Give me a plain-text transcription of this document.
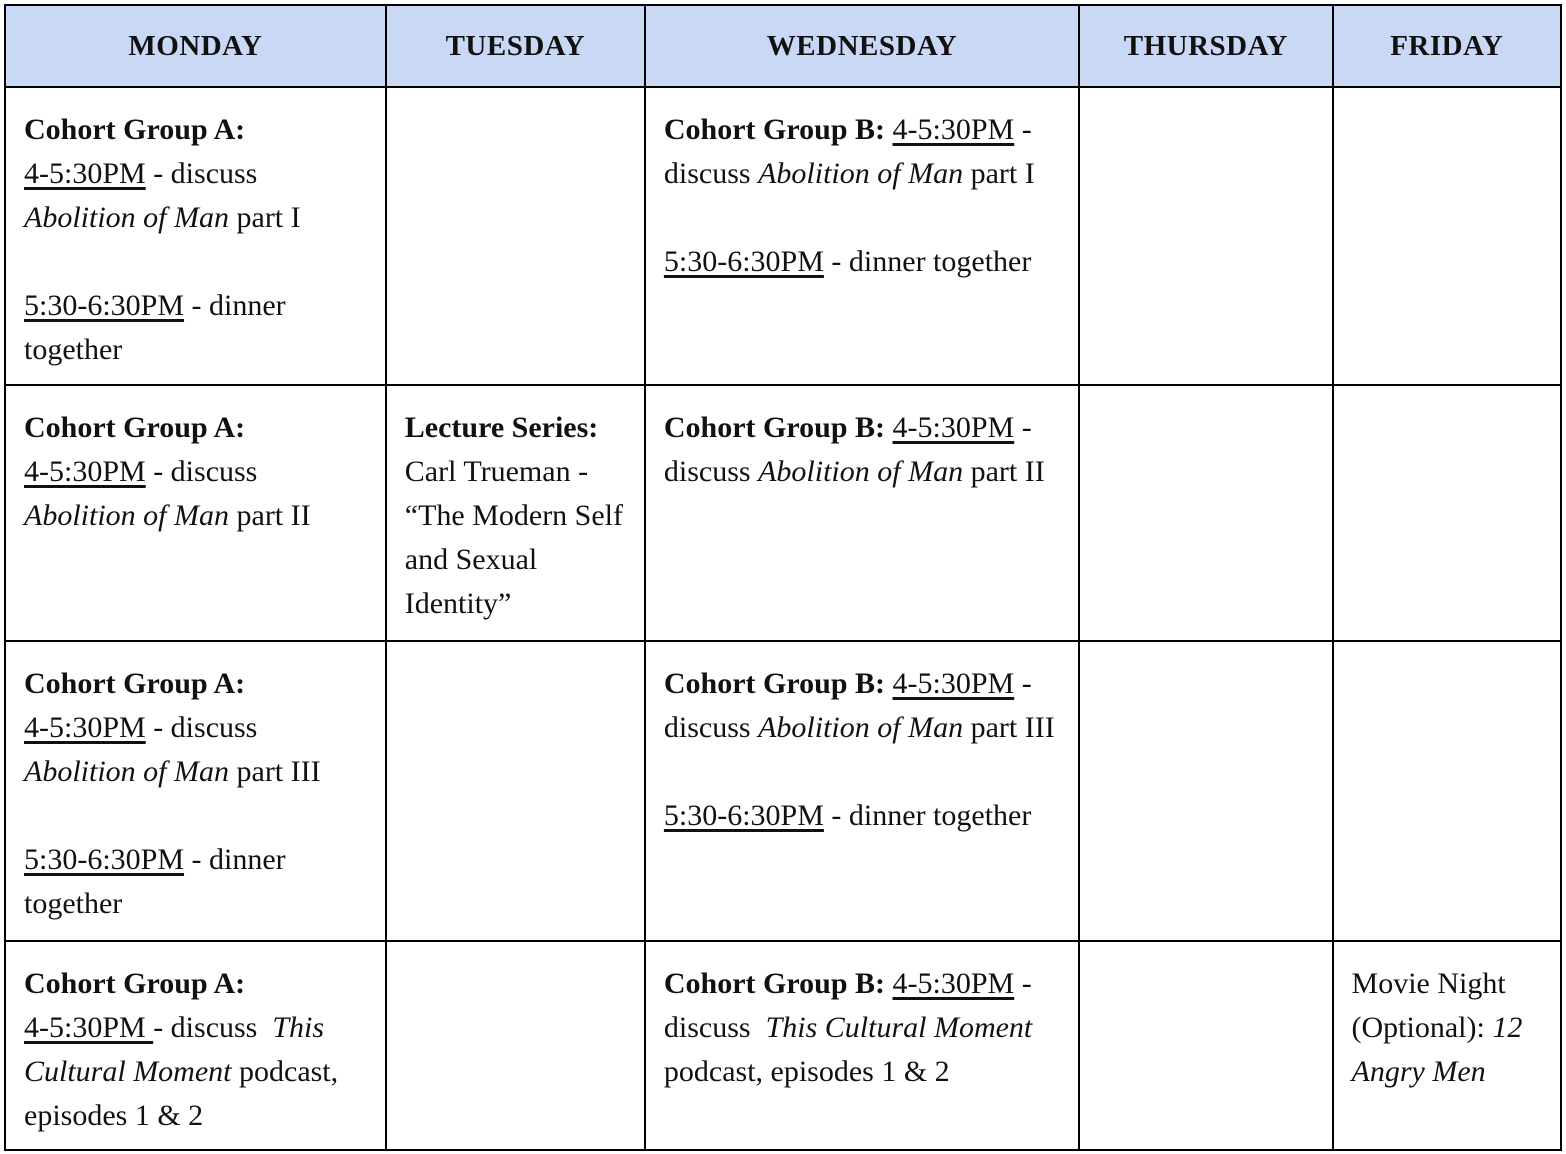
MONDAY	TUESDAY	WEDNESDAY	THURSDAY	FRIDAY

Cohort Group A:
4-5:30PM - discuss
Abolition of Man part I
5:30-6:30PM - dinner together		Cohort Group B: 4-5:30PM - discuss Abolition of Man part I
5:30-6:30PM - dinner together		

Cohort Group A:
4-5:30PM - discuss
Abolition of Man part II	Lecture Series:
Carl Trueman - “The Modern Self and Sexual Identity”	Cohort Group B: 4-5:30PM - discuss Abolition of Man part II		

Cohort Group A:
4-5:30PM - discuss
Abolition of Man part III
5:30-6:30PM - dinner together		Cohort Group B: 4-5:30PM - discuss Abolition of Man part III
5:30-6:30PM - dinner together		

Cohort Group A:
4-5:30PM - discuss  This Cultural Moment podcast, episodes 1 & 2		Cohort Group B: 4-5:30PM - discuss  This Cultural Moment podcast, episodes 1 & 2		Movie Night (Optional): 12 Angry Men
